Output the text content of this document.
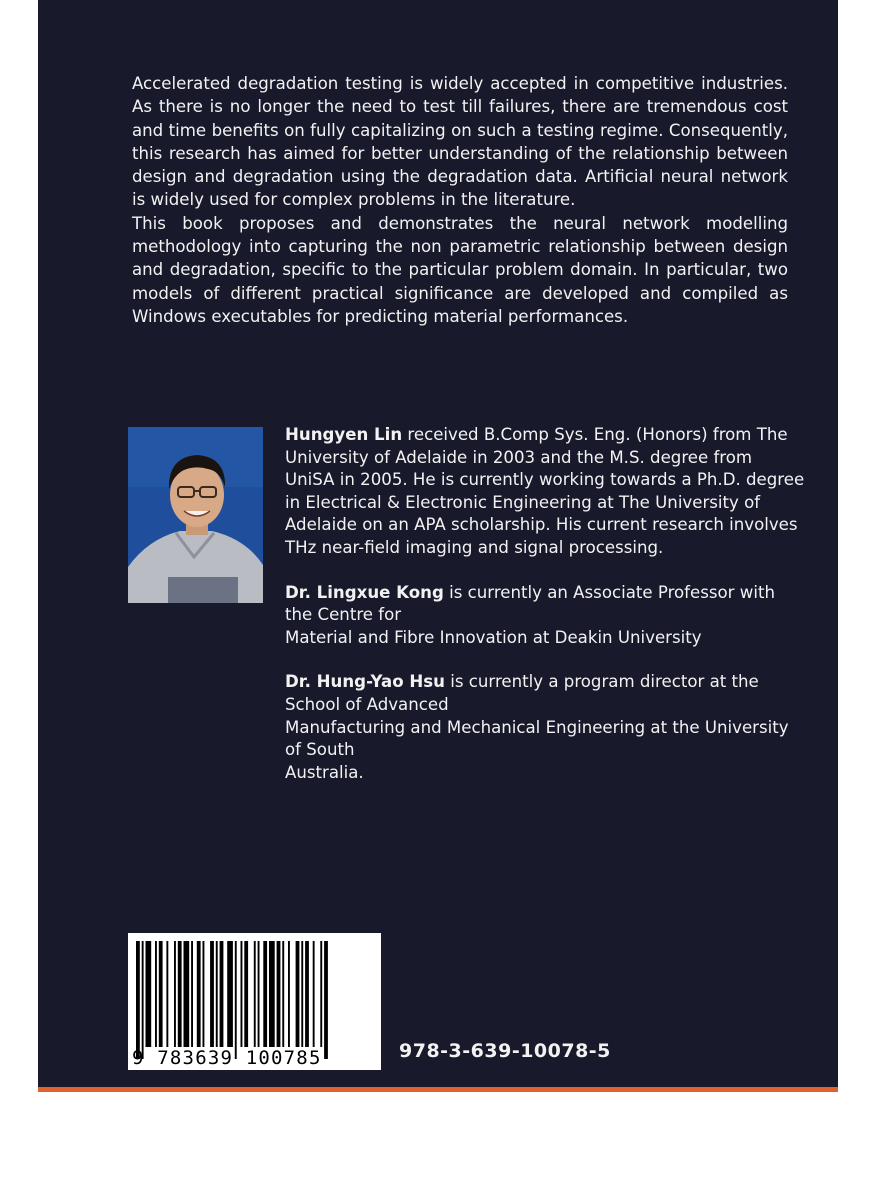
Accelerated degradation testing is widely accepted in competitive industries. As there is no longer the need to test till failures, there are tremendous cost and time benefits on fully capitalizing on such a testing regime. Consequently, this research has aimed for better understanding of the relationship between design and degradation using the degradation data. Artificial neural network is widely used for complex problems in the literature.

This book proposes and demonstrates the neural network modelling methodology into capturing the non parametric relationship between design and degradation, specific to the particular problem domain. In particular, two models of different practical significance are developed and compiled as Windows executables for predicting material performances.

Hungyen Lin received B.Comp Sys. Eng. (Honors) from The University of Adelaide in 2003 and the M.S. degree from UniSA in 2005. He is currently working towards a Ph.D. degree in Electrical & Electronic Engineering at The University of Adelaide on an APA scholarship. His current research involves THz near-field imaging and signal processing.

Dr. Lingxue Kong is currently an Associate Professor with the Centre for
Material and Fibre Innovation at Deakin University

Dr. Hung-Yao Hsu is currently a program director at the School of Advanced
Manufacturing and Mechanical Engineering at the University of South
Australia.

9 783639 100785	978-3-639-10078-5
